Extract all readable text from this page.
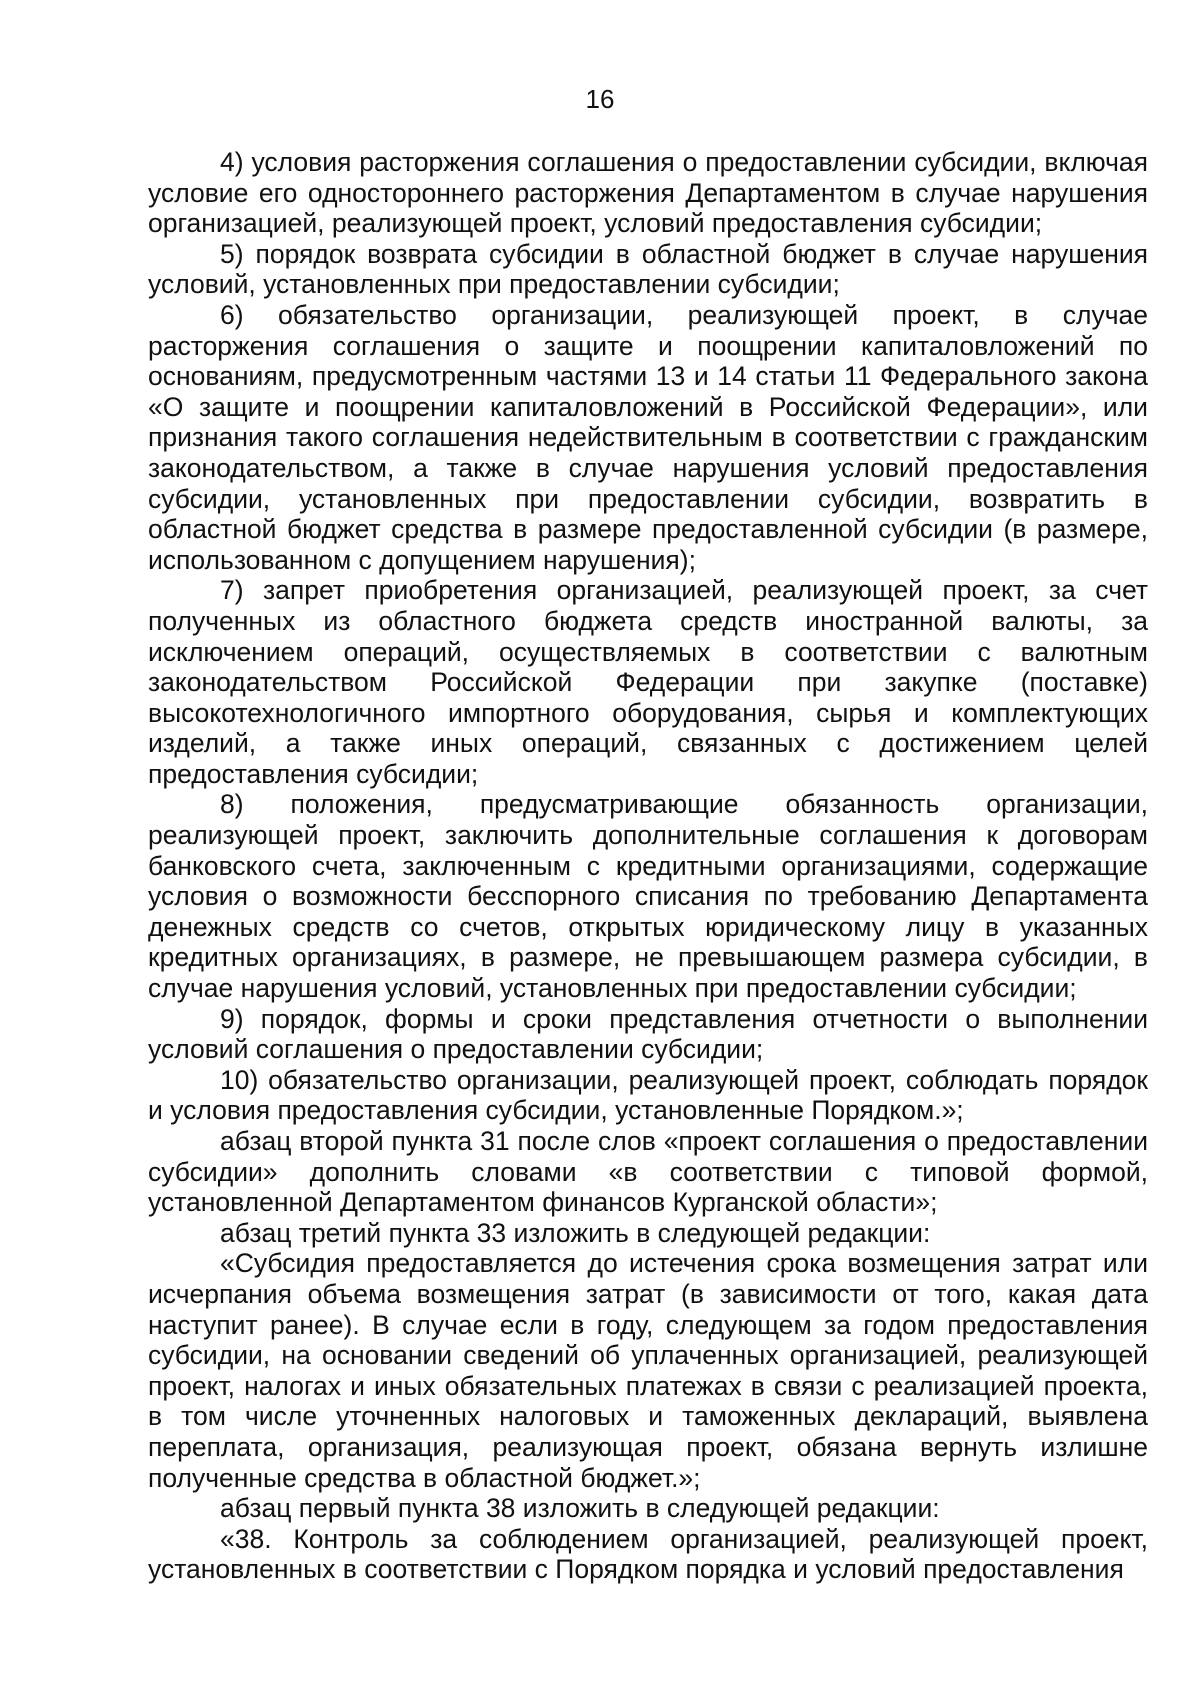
16

4) условия расторжения соглашения о предоставлении субсидии, включая условие его одностороннего расторжения Департаментом в случае нарушения организацией, реализующей проект, условий предоставления субсидии;

5) порядок возврата субсидии в областной бюджет в случае нарушения условий, установленных при предоставлении субсидии;

6) обязательство организации, реализующей проект, в случае расторжения соглашения о защите и поощрении капиталовложений по основаниям, предусмотренным частями 13 и 14 статьи 11 Федерального закона «О защите и поощрении капиталовложений в Российской Федерации», или признания такого соглашения недействительным в соответствии с гражданским законодательством, а также в случае нарушения условий предоставления субсидии, установленных при предоставлении субсидии, возвратить в областной бюджет средства в размере предоставленной субсидии (в размере, использованном с допущением нарушения);

7) запрет приобретения организацией, реализующей проект, за счет полученных из областного бюджета средств иностранной валюты, за исключением операций, осуществляемых в соответствии с валютным законодательством Российской Федерации при закупке (поставке) высокотехнологичного импортного оборудования, сырья и комплектующих изделий, а также иных операций, связанных с достижением целей предоставления субсидии;

8) положения, предусматривающие обязанность организации, реализующей проект, заключить дополнительные соглашения к договорам банковского счета, заключенным с кредитными организациями, содержащие условия о возможности бесспорного списания по требованию Департамента денежных средств со счетов, открытых юридическому лицу в указанных кредитных организациях, в размере, не превышающем размера субсидии, в случае нарушения условий, установленных при предоставлении субсидии;

9) порядок, формы и сроки представления отчетности о выполнении условий соглашения о предоставлении субсидии;

10) обязательство организации, реализующей проект, соблюдать порядок и условия предоставления субсидии, установленные Порядком.»;

абзац второй пункта 31 после слов «проект соглашения о предоставлении субсидии» дополнить словами «в соответствии с типовой формой, установленной Департаментом финансов Курганской области»;

абзац третий пункта 33 изложить в следующей редакции:

«Субсидия предоставляется до истечения срока возмещения затрат или исчерпания объема возмещения затрат (в зависимости от того, какая дата наступит ранее). В случае если в году, следующем за годом предоставления субсидии, на основании сведений об уплаченных организацией, реализующей проект, налогах и иных обязательных платежах в связи с реализацией проекта, в том числе уточненных налоговых и таможенных деклараций, выявлена переплата, организация, реализующая проект, обязана вернуть излишне полученные средства в областной бюджет.»;

абзац первый пункта 38 изложить в следующей редакции:

«38. Контроль за соблюдением организацией, реализующей проект, установленных в соответствии с Порядком порядка и условий предоставления
